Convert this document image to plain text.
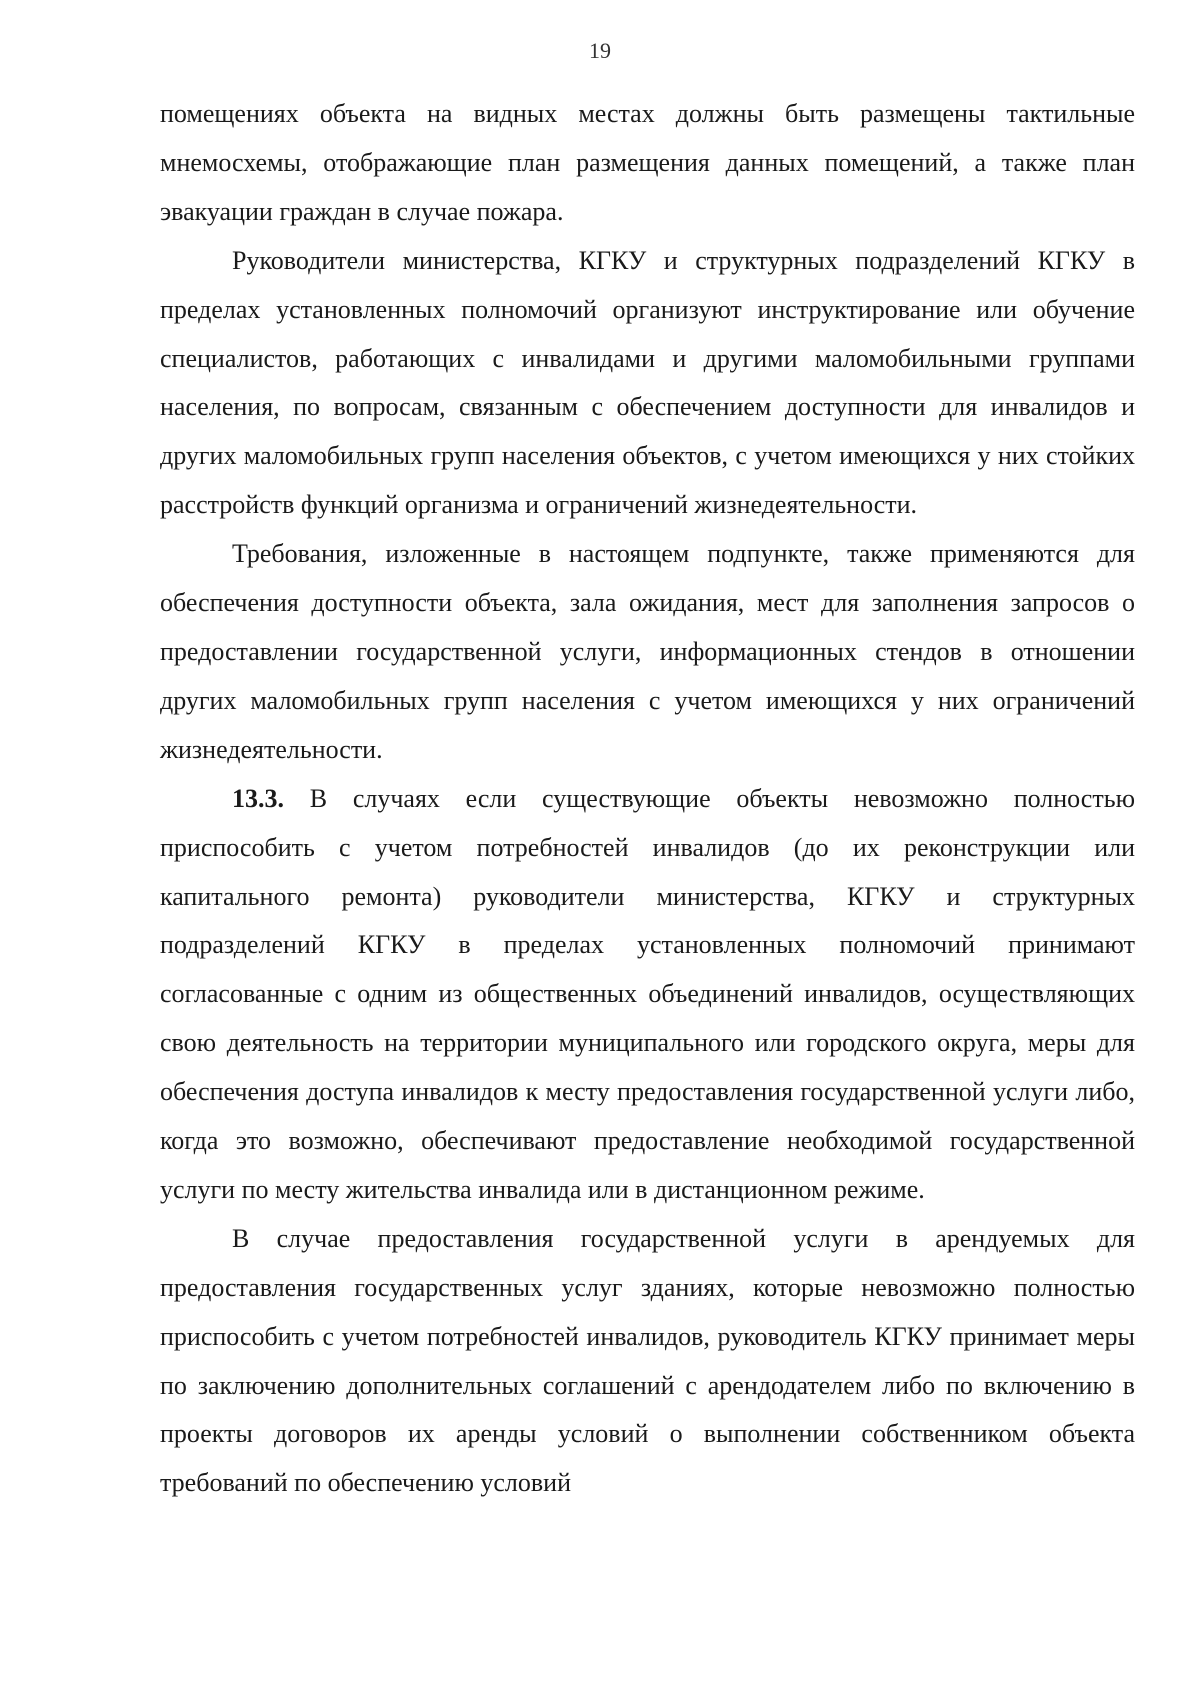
19

помещениях объекта на видных местах должны быть размещены тактильные мнемосхемы, отображающие план размещения данных помещений, а также план эвакуации граждан в случае пожара.

Руководители министерства, КГКУ и структурных подразделений КГКУ в пределах установленных полномочий организуют инструктирование или обучение специалистов, работающих с инвалидами и другими маломобильными группами населения, по вопросам, связанным с обеспечением доступности для инвалидов и других маломобильных групп населения объектов, с учетом имеющихся у них стойких расстройств функций организма и ограничений жизнедеятельности.

Требования, изложенные в настоящем подпункте, также применяются для обеспечения доступности объекта, зала ожидания, мест для заполнения запросов о предоставлении государственной услуги, информационных стендов в отношении других маломобильных групп населения с учетом имеющихся у них ограничений жизнедеятельности.

13.3. В случаях если существующие объекты невозможно полностью приспособить с учетом потребностей инвалидов (до их реконструкции или капитального ремонта) руководители министерства, КГКУ и структурных подразделений КГКУ в пределах установленных полномочий принимают согласованные с одним из общественных объединений инвалидов, осуществляющих свою деятельность на территории муниципального или городского округа, меры для обеспечения доступа инвалидов к месту предоставления государственной услуги либо, когда это возможно, обеспечивают предоставление необходимой государственной услуги по месту жительства инвалида или в дистанционном режиме.

В случае предоставления государственной услуги в арендуемых для предоставления государственных услуг зданиях, которые невозможно полностью приспособить с учетом потребностей инвалидов, руководитель КГКУ принимает меры по заключению дополнительных соглашений с арендодателем либо по включению в проекты договоров их аренды условий о выполнении собственником объекта требований по обеспечению условий
